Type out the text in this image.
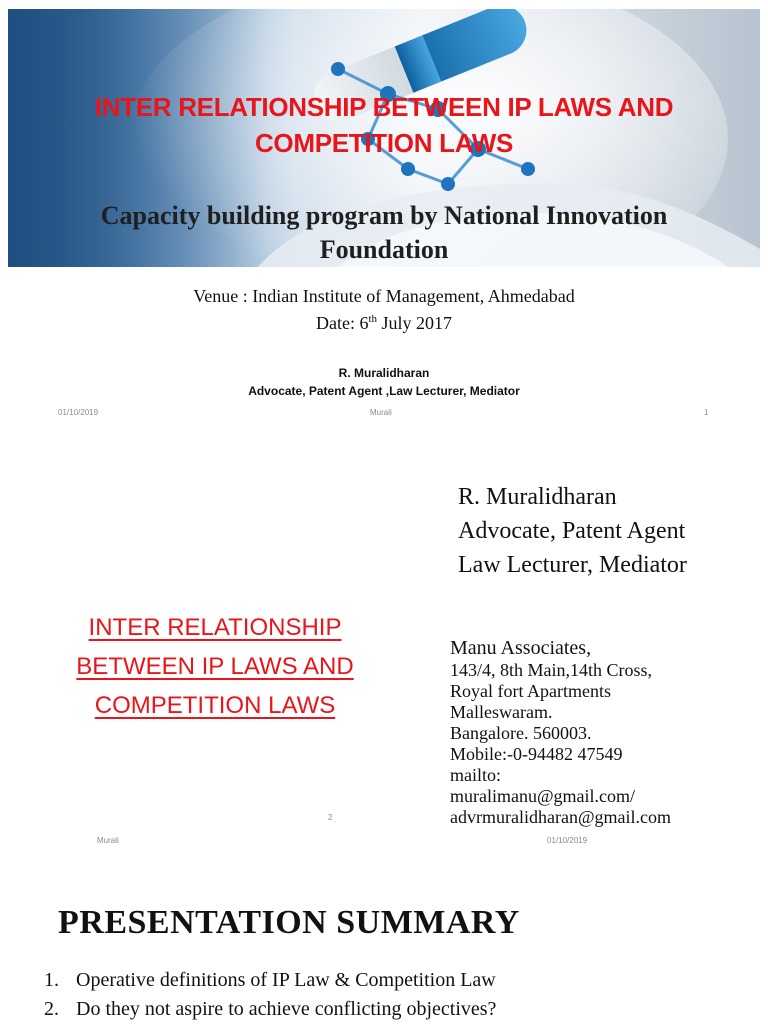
INTER RELATIONSHIP BETWEEN IP LAWS AND
COMPETITION LAWS
Capacity building program by National Innovation
Foundation
Venue : Indian Institute of Management, Ahmedabad
Date: 6th July 2017
R. Muralidharan
Advocate, Patent Agent ,Law Lecturer, Mediator
01/10/2019	Murali	1
R. Muralidharan
Advocate, Patent Agent
Law Lecturer, Mediator
INTER RELATIONSHIP
BETWEEN IP LAWS AND
COMPETITION LAWS
Manu Associates,
143/4, 8th Main,14th Cross,
Royal fort Apartments
Malleswaram.
Bangalore. 560003.
Mobile:-0-94482 47549
mailto:
muralimanu@gmail.com/
advrmuralidharan@gmail.com
2
Murali	01/10/2019
PRESENTATION SUMMARY
1. Operative definitions of IP Law & Competition Law
2. Do they not aspire to achieve conflicting objectives?
